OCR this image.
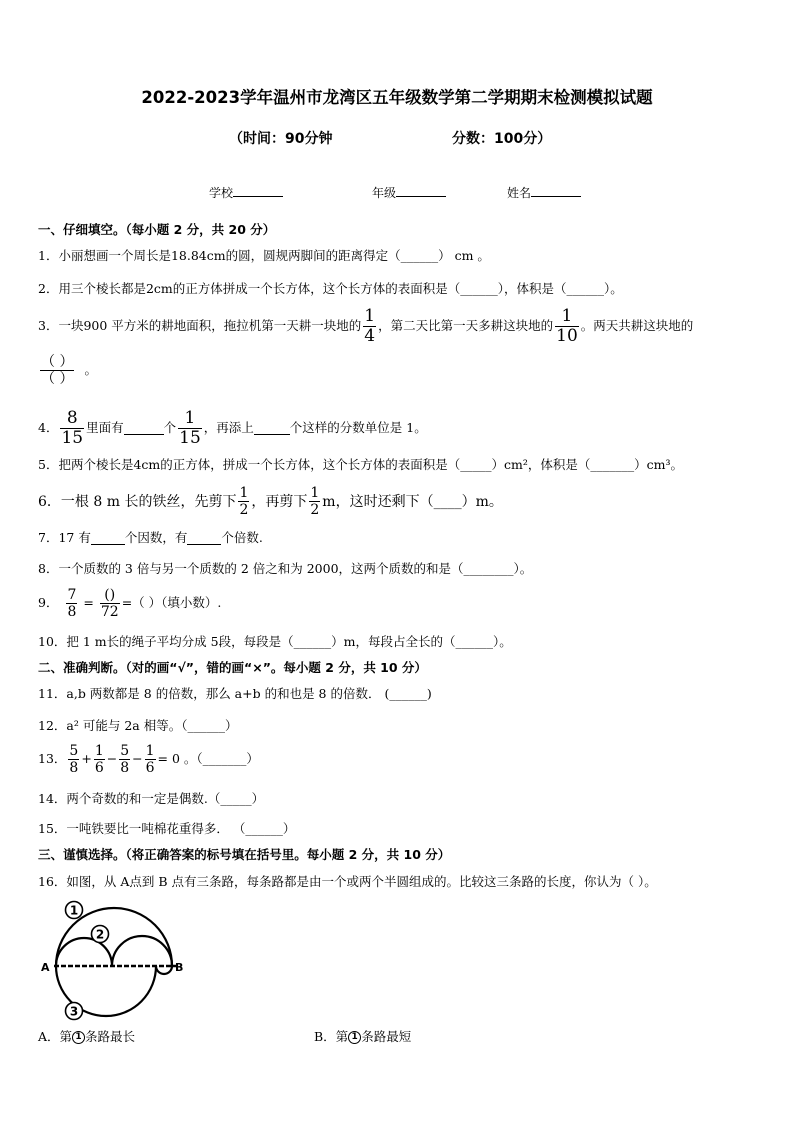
2022-2023学年温州市龙湾区五年级数学第二学期期末检测模拟试题
（时间：90分钟	分数：100分）
学校	年级	姓名
一、仔细填空。（每小题 2 分，共 20 分）
1．小丽想画一个周长是18.84cm的圆，圆规两脚间的距离得定（______） cm 。
2．用三个棱长都是2cm的正方体拼成一个长方体，这个长方体的表面积是（______），体积是（______）。
3．一块900 平方米的耕地面积，拖拉机第一天耕一块地的 $\frac{1}{4}$ ，第二天比第一天多耕这块地的 $\frac{1}{10}$ 。两天共耕这块地的
$\frac{( )}{( )}$ 。
4． $\frac{8}{15}$ 里面有	个 $\frac{1}{15}$ ，再添上	个这样的分数单位是 1。
5．把两个棱长是4cm的正方体，拼成一个长方体，这个长方体的表面积是（_____）cm²，体积是（_______）cm³。
6．一根 8 m 长的铁丝，先剪下 $\frac{1}{2}$ ，再剪下 $\frac{1}{2}$ m，这时还剩下（____）m。
7．17 有	个因数，有	个倍数.
8．一个质数的 3 倍与另一个质数的 2 倍之和为 2000，这两个质数的和是（________）。
9． $\frac{7}{8} = \frac{()}{72}$ =（ ）（填小数）.
10．把 1 m长的绳子平均分成 5段，每段是（______）m，每段占全长的（______）。
二、准确判断。（对的画“√”，错的画“×”。每小题 2 分，共 10 分）
11．a,b 两数都是 8 的倍数，那么 a+b 的和也是 8 的倍数． (______)
12．a² 可能与 2a 相等。（______）
13． $\frac{5}{8} + \frac{1}{6} - \frac{5}{8} - \frac{1}{6} = 0$ 。（_______）
14．两个奇数的和一定是偶数.（_____）
15．一吨铁要比一吨棉花重得多． （______）
三、谨慎选择。（将正确答案的标号填在括号里。每小题 2 分，共 10 分）
16．如图，从 A点到 B 点有三条路，每条路都是由一个或两个半圆组成的。比较这三条路的长度，你认为（ ）。
A	B
1
2
3
A．第 1 条路最长	B．第 1 条路最短
